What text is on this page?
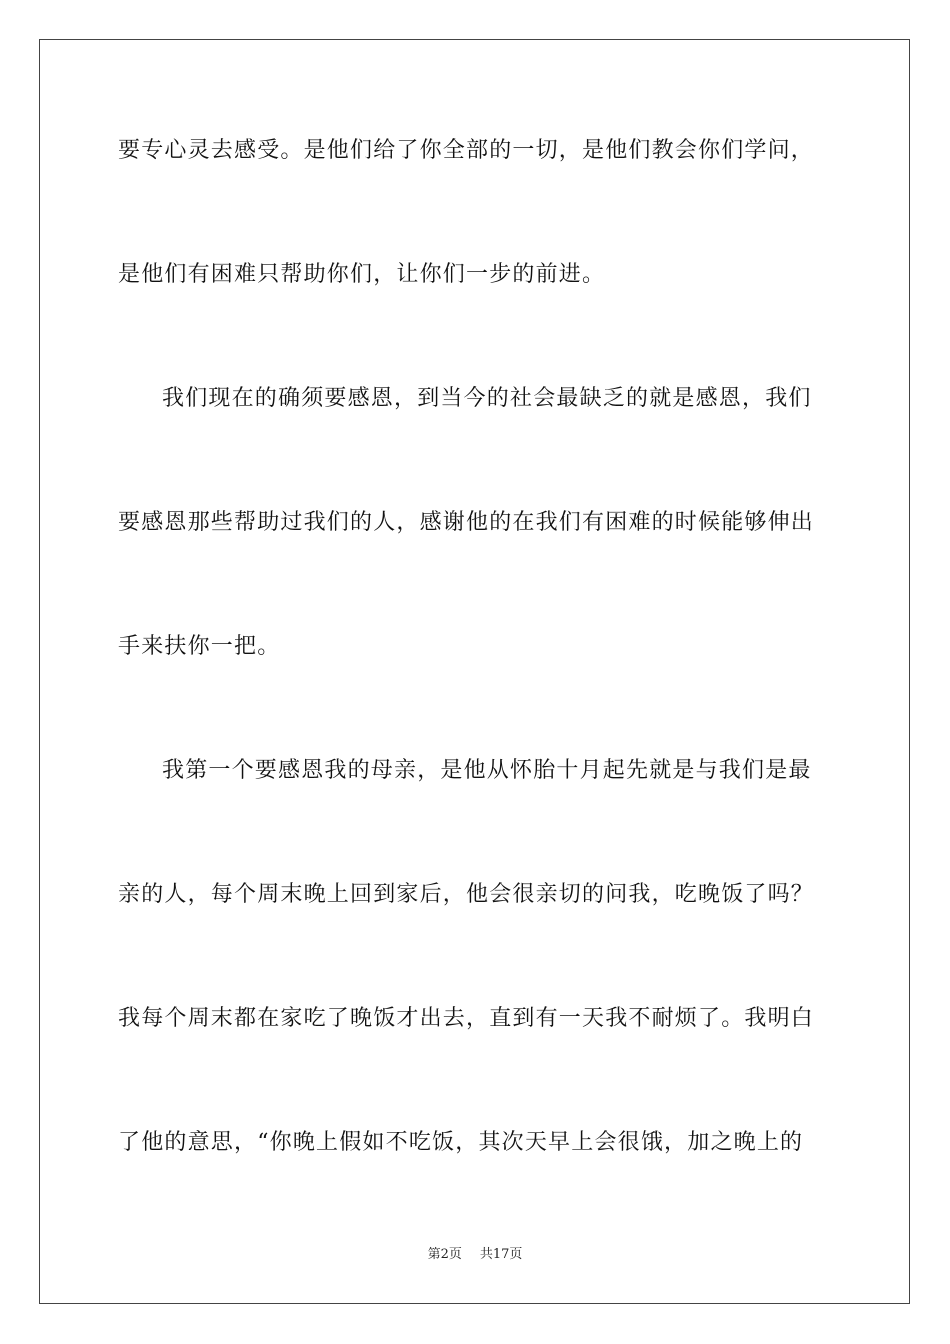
要专心灵去感受。是他们给了你全部的一切，是他们教会你们学问，
是他们有困难只帮助你们，让你们一步的前进。
我们现在的确须要感恩，到当今的社会最缺乏的就是感恩，我们
要感恩那些帮助过我们的人，感谢他的在我们有困难的时候能够伸出
手来扶你一把。
我第一个要感恩我的母亲，是他从怀胎十月起先就是与我们是最
亲的人，每个周末晚上回到家后，他会很亲切的问我，吃晚饭了吗？
我每个周末都在家吃了晚饭才出去，直到有一天我不耐烦了。我明白
了他的意思，“你晚上假如不吃饭，其次天早上会很饿，加之晚上的
第2页 共17页
